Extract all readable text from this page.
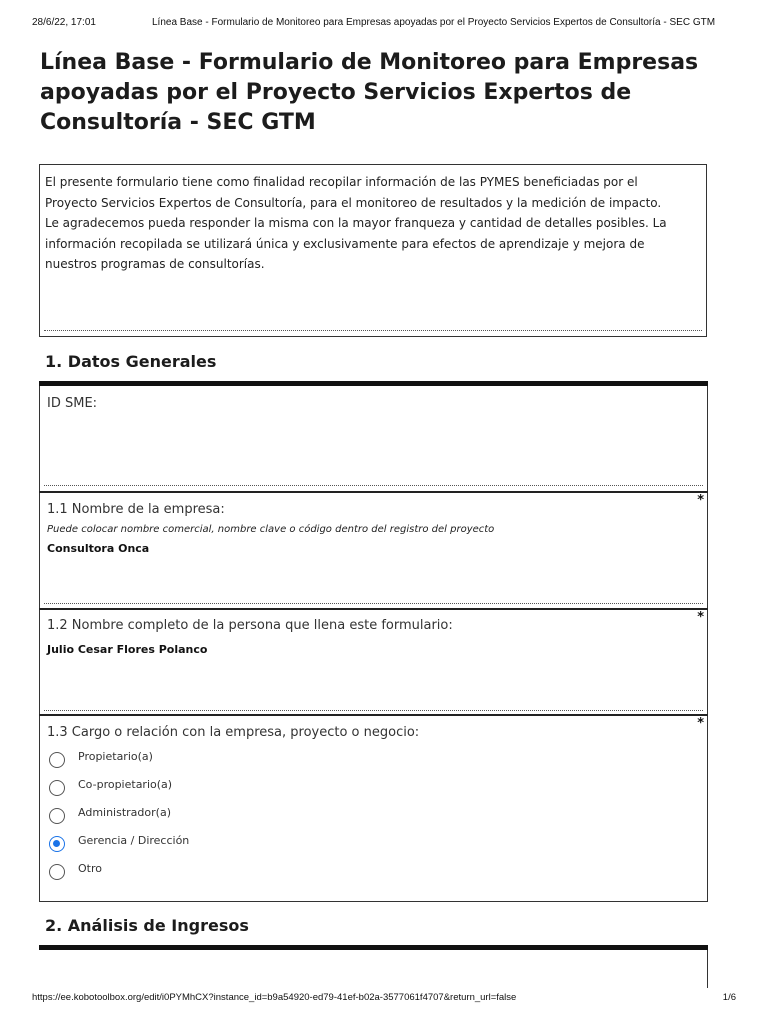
28/6/22, 17:01	Línea Base - Formulario de Monitoreo para Empresas apoyadas por el Proyecto Servicios Expertos de Consultoría - SEC GTM
Línea Base - Formulario de Monitoreo para Empresas apoyadas por el Proyecto Servicios Expertos de Consultoría - SEC GTM
El presente formulario tiene como finalidad recopilar información de las PYMES beneficiadas por el
Proyecto Servicios Expertos de Consultoría, para el monitoreo de resultados y la medición de impacto.
Le agradecemos pueda responder la misma con la mayor franqueza y cantidad de detalles posibles. La
información recopilada se utilizará única y exclusivamente para efectos de aprendizaje y mejora de
nuestros programas de consultorías.
1. Datos Generales
ID SME:
*
1.1 Nombre de la empresa:
Puede colocar nombre comercial, nombre clave o código dentro del registro del proyecto
Consultora Onca
*
1.2 Nombre completo de la persona que llena este formulario:
Julio Cesar Flores Polanco
*
1.3 Cargo o relación con la empresa, proyecto o negocio:
Propietario(a)
Co-propietario(a)
Administrador(a)
Gerencia / Dirección
Otro
2. Análisis de Ingresos
https://ee.kobotoolbox.org/edit/i0PYMhCX?instance_id=b9a54920-ed79-41ef-b02a-3577061f4707&return_url=false	1/6
